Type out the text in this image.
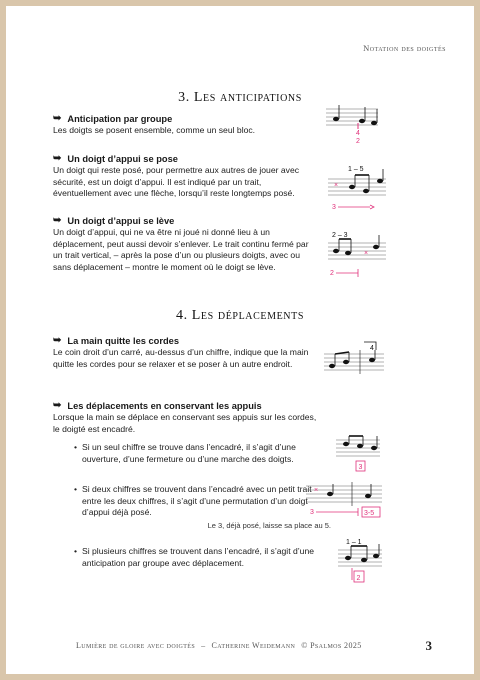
Notation des doigtés
3. Les anticipations
➥ Anticipation par groupe
Les doigts se posent ensemble, comme un seul bloc.
➥ Un doigt d’appui se pose
Un doigt qui reste posé, pour permettre aux autres de jouer avec sécurité, est un doigt d’appui. Il est indiqué par un trait, éventuellement avec une flèche, lorsqu’il reste longtemps posé.
➥ Un doigt d’appui se lève
Un doigt d’appui, qui ne va être ni joué ni donné lieu à un déplacement, peut aussi devoir s’enlever. Le trait continu fermé par un trait vertical, – après la pose d’un ou plusieurs doigts, avec ou sans déplacement – montre le moment où le doigt se lève.
4
2
1 – 5
×
3
2 – 3
×
2
4. Les déplacements
➥ La main quitte les cordes
Le coin droit d’un carré, au-dessus d’un chiffre, indique que la main quitte les cordes pour se relaxer et se poser à un autre endroit.
4
➥ Les déplacements en conservant les appuis
Lorsque la main se déplace en conservant ses appuis sur les cordes, le doigté est encadré.
• Si un seul chiffre se trouve dans l’encadré, il s’agit d’une ouverture, d’une fermeture ou d’une marche des doigts.
• Si deux chiffres se trouvent dans l’encadré avec un petit trait entre les deux chiffres, il s’agit d’une permutation d’un doigt d’appui déjà posé.
Le 3, déjà posé, laisse sa place au 5.
• Si plusieurs chiffres se trouvent dans l’encadré, il s’agit d’une anticipation par groupe avec déplacement.
3
×
3	3-5
1 – 1
2
Lumière de gloire avec doigtés – Catherine Weidemann © Psalmos 2025	3
